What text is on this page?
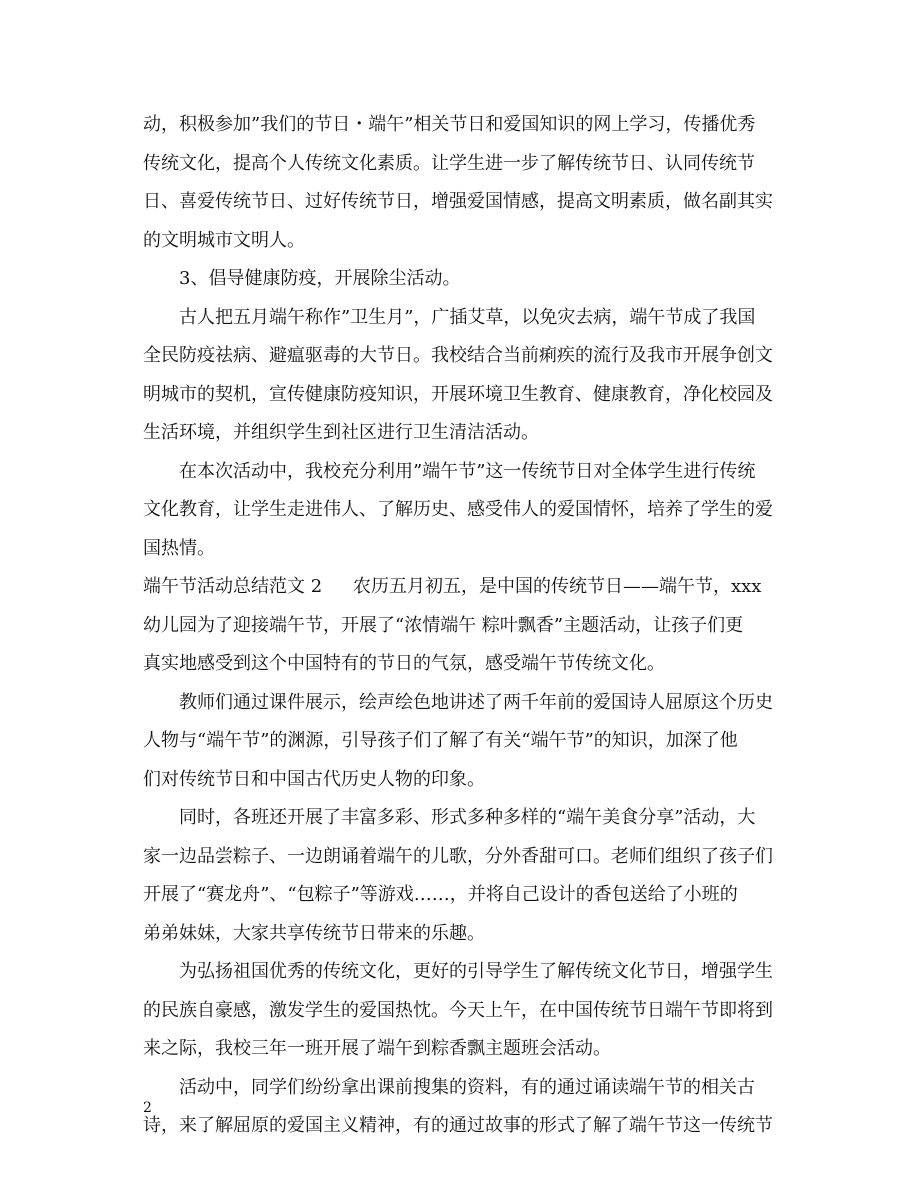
动，积极参加”我们的节日・端午”相关节日和爱国知识的网上学习，传播优秀
传统文化，提高个人传统文化素质。让学生进一步了解传统节日、认同传统节
日、喜爱传统节日、过好传统节日，增强爱国情感，提高文明素质，做名副其实
的文明城市文明人。
3、倡导健康防疫，开展除尘活动。
古人把五月端午称作”卫生月”，广插艾草，以免灾去病，端午节成了我国
全民防疫祛病、避瘟驱毒的大节日。我校结合当前痢疾的流行及我市开展争创文
明城市的契机，宣传健康防疫知识，开展环境卫生教育、健康教育，净化校园及
生活环境，并组织学生到社区进行卫生清洁活动。
在本次活动中，我校充分利用”端午节”这一传统节日对全体学生进行传统
文化教育，让学生走进伟人、了解历史、感受伟人的爱国情怀，培养了学生的爱
国热情。
端午节活动总结范文 2 农历五月初五，是中国的传统节日——端午节，xxx
幼儿园为了迎接端午节，开展了“浓情端午 粽叶飘香”主题活动，让孩子们更
真实地感受到这个中国特有的节日的气氛，感受端午节传统文化。
教师们通过课件展示，绘声绘色地讲述了两千年前的爱国诗人屈原这个历史
人物与“端午节”的渊源，引导孩子们了解了有关“端午节”的知识，加深了他
们对传统节日和中国古代历史人物的印象。
同时，各班还开展了丰富多彩、形式多种多样的“端午美食分享”活动，大
家一边品尝粽子、一边朗诵着端午的儿歌，分外香甜可口。老师们组织了孩子们
开展了“赛龙舟”、“包粽子”等游戏……，并将自己设计的香包送给了小班的
弟弟妹妹，大家共享传统节日带来的乐趣。
为弘扬祖国优秀的传统文化，更好的引导学生了解传统文化节日，增强学生
的民族自豪感，激发学生的爱国热忱。今天上午，在中国传统节日端午节即将到
来之际，我校三年一班开展了端午到粽香飘主题班会活动。
活动中，同学们纷纷拿出课前搜集的资料，有的通过诵读端午节的相关古
诗，来了解屈原的爱国主义精神，有的通过故事的形式了解了端午节这一传统节
2
